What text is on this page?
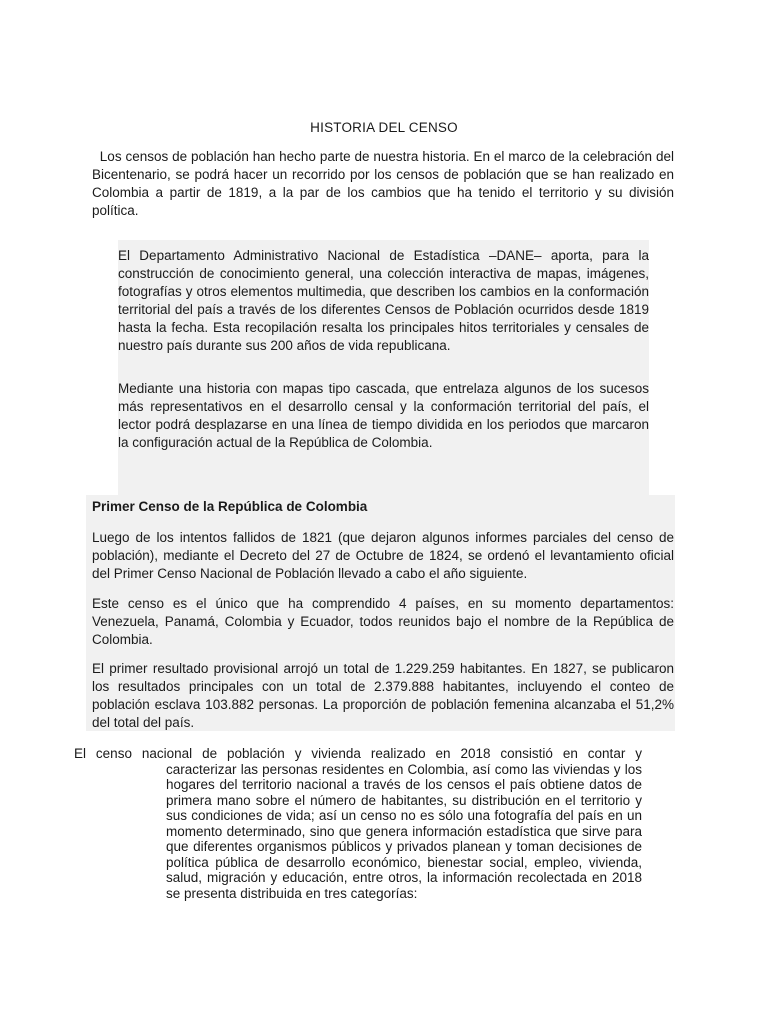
HISTORIA DEL CENSO

Los censos de población han hecho parte de nuestra historia. En el marco de la celebración del Bicentenario, se podrá hacer un recorrido por los censos de población que se han realizado en Colombia a partir de 1819, a la par de los cambios que ha tenido el territorio y su división política.

El Departamento Administrativo Nacional de Estadística –DANE– aporta, para la construcción de conocimiento general, una colección interactiva de mapas, imágenes, fotografías y otros elementos multimedia, que describen los cambios en la conformación territorial del país a través de los diferentes Censos de Población ocurridos desde 1819 hasta la fecha. Esta recopilación resalta los principales hitos territoriales y censales de nuestro país durante sus 200 años de vida republicana.

Mediante una historia con mapas tipo cascada, que entrelaza algunos de los sucesos más representativos en el desarrollo censal y la conformación territorial del país, el lector podrá desplazarse en una línea de tiempo dividida en los periodos que marcaron la configuración actual de la República de Colombia.

Primer Censo de la República de Colombia

Luego de los intentos fallidos de 1821 (que dejaron algunos informes parciales del censo de población), mediante el Decreto del 27 de Octubre de 1824, se ordenó el levantamiento oficial del Primer Censo Nacional de Población llevado a cabo el año siguiente.

Este censo es el único que ha comprendido 4 países, en su momento departamentos: Venezuela, Panamá, Colombia y Ecuador, todos reunidos bajo el nombre de la República de Colombia.

El primer resultado provisional arrojó un total de 1.229.259 habitantes. En 1827, se publicaron los resultados principales con un total de 2.379.888 habitantes, incluyendo el conteo de población esclava 103.882 personas. La proporción de población femenina alcanzaba el 51,2%  del total del país.

El censo nacional de población y vivienda realizado en 2018 consistió en contar y

caracterizar las personas residentes en Colombia, así como las viviendas y los hogares del territorio nacional a través de los censos el país obtiene datos de primera mano sobre el número de habitantes, su distribución en el territorio y sus condiciones de vida; así un censo no es sólo una fotografía del país en un momento determinado, sino que genera información estadística que sirve para que diferentes organismos públicos y privados planean y toman decisiones de política pública de desarrollo económico, bienestar social, empleo, vivienda, salud, migración y educación, entre otros, la información recolectada en 2018 se presenta distribuida en tres categorías:
